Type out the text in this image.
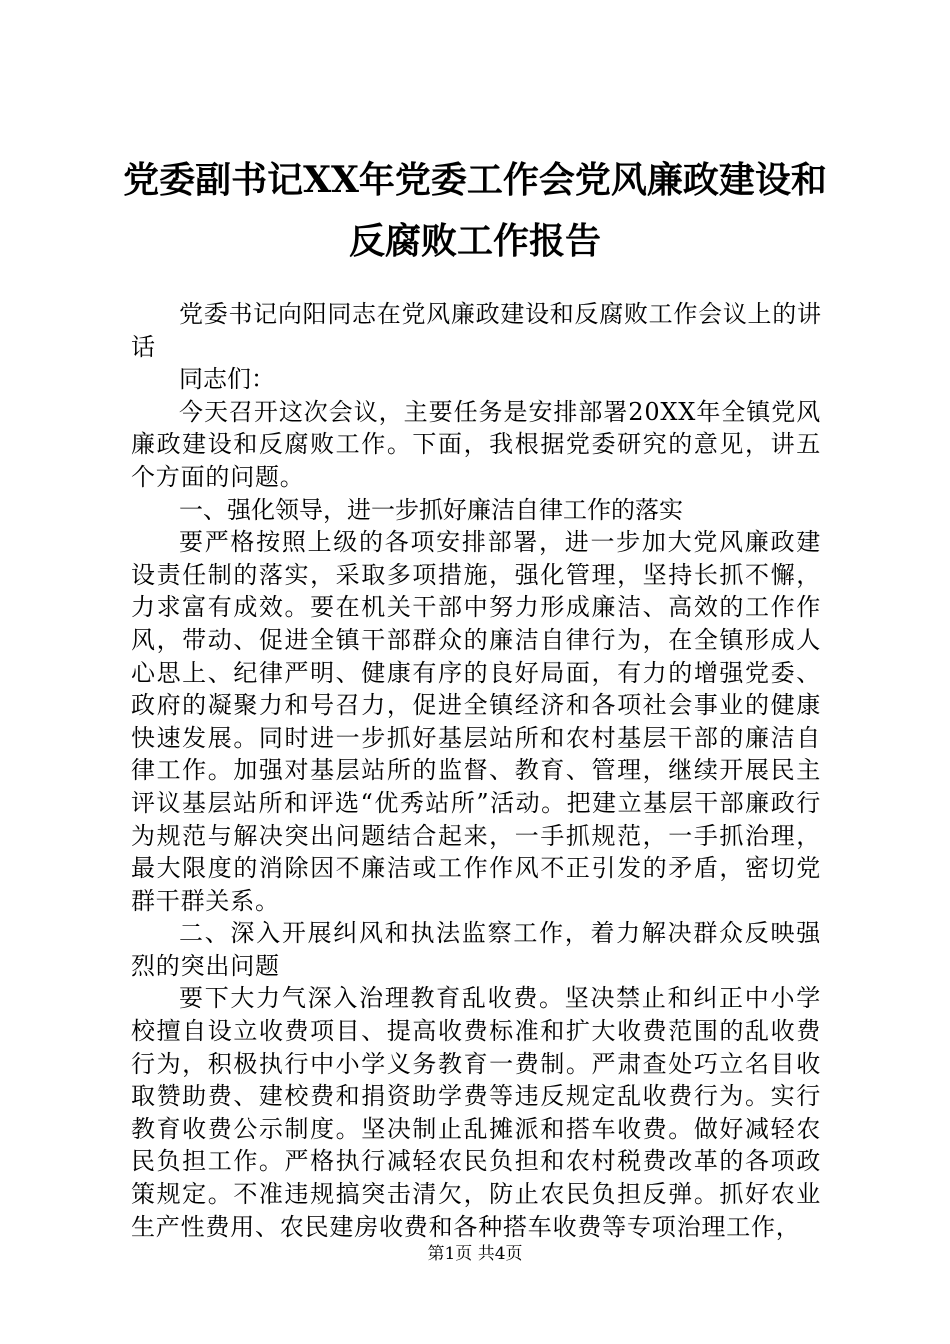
党委副书记XX年党委工作会党风廉政建设和
反腐败工作报告

党委书记向阳同志在党风廉政建设和反腐败工作会议上的讲话

同志们：

今天召开这次会议，主要任务是安排部署20XX年全镇党风廉政建设和反腐败工作。下面，我根据党委研究的意见，讲五个方面的问题。

一、强化领导，进一步抓好廉洁自律工作的落实

要严格按照上级的各项安排部署，进一步加大党风廉政建设责任制的落实，采取多项措施，强化管理，坚持长抓不懈，力求富有成效。要在机关干部中努力形成廉洁、高效的工作作风，带动、促进全镇干部群众的廉洁自律行为，在全镇形成人心思上、纪律严明、健康有序的良好局面，有力的增强党委、政府的凝聚力和号召力，促进全镇经济和各项社会事业的健康快速发展。同时进一步抓好基层站所和农村基层干部的廉洁自律工作。加强对基层站所的监督、教育、管理，继续开展民主评议基层站所和评选“优秀站所”活动。把建立基层干部廉政行为规范与解决突出问题结合起来，一手抓规范，一手抓治理，最大限度的消除因不廉洁或工作作风不正引发的矛盾，密切党群干群关系。

二、深入开展纠风和执法监察工作，着力解决群众反映强烈的突出问题

要下大力气深入治理教育乱收费。坚决禁止和纠正中小学校擅自设立收费项目、提高收费标准和扩大收费范围的乱收费行为，积极执行中小学义务教育一费制。严肃查处巧立名目收取赞助费、建校费和捐资助学费等违反规定乱收费行为。实行教育收费公示制度。坚决制止乱摊派和搭车收费。做好减轻农民负担工作。严格执行减轻农民负担和农村税费改革的各项政策规定。不准违规搞突击清欠，防止农民负担反弹。抓好农业生产性费用、农民建房收费和各种搭车收费等专项治理工作，

第1页 共4页
